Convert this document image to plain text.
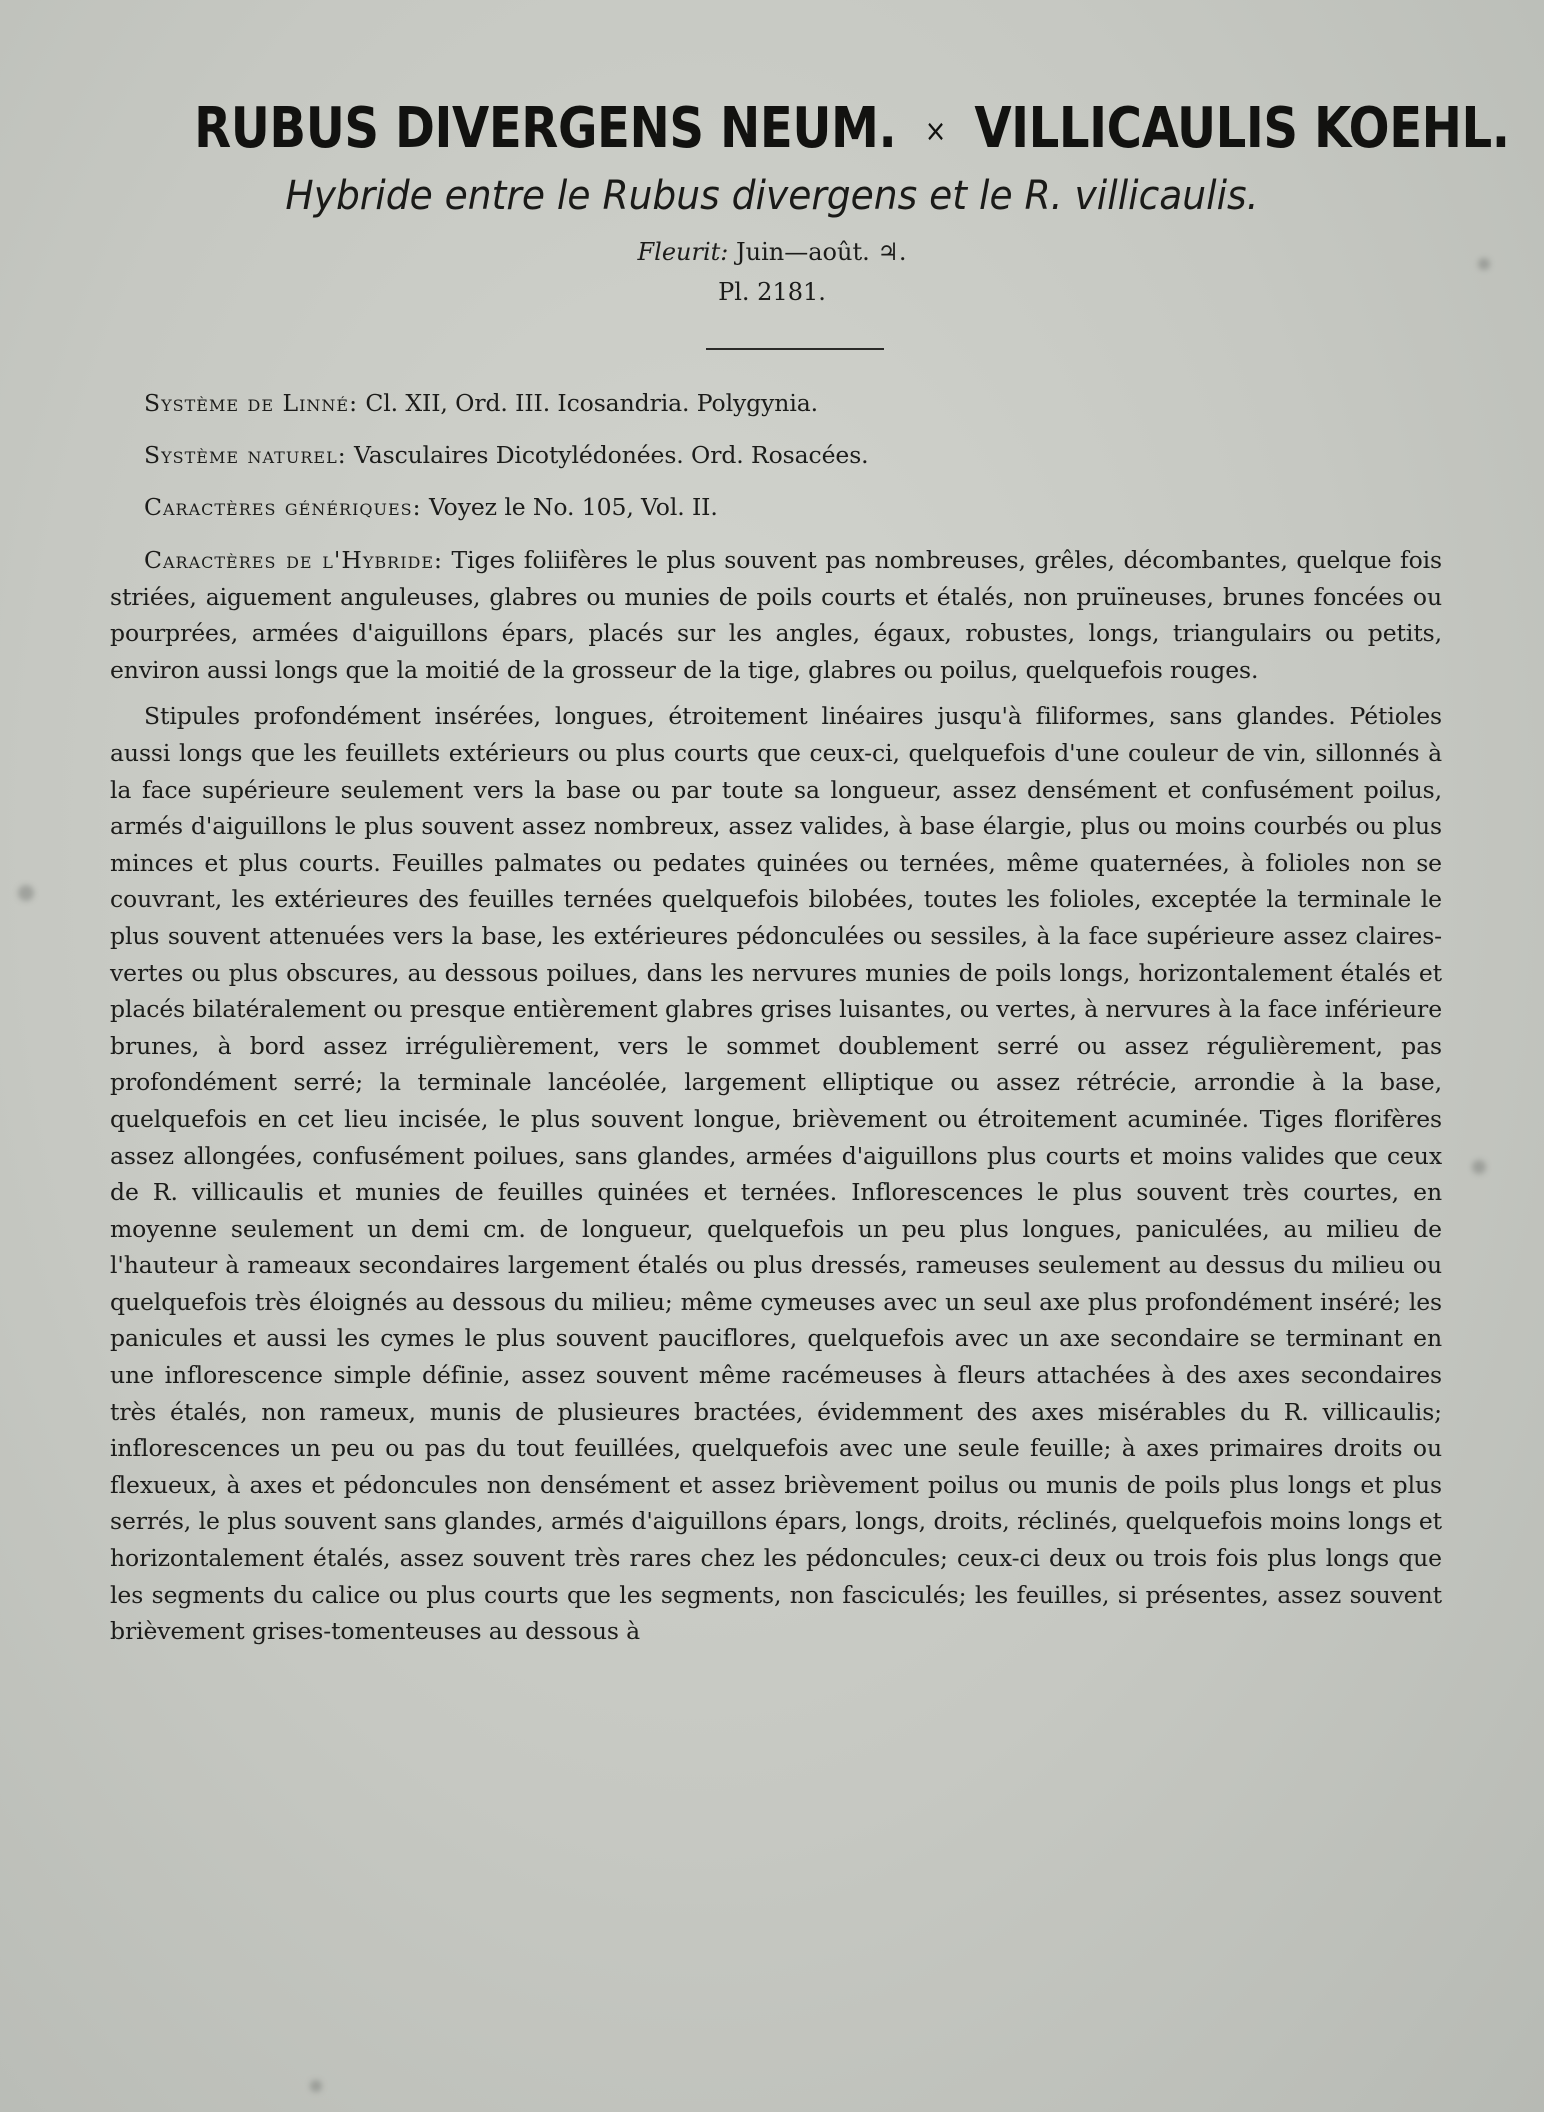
RUBUS DIVERGENS NEUM. × VILLICAULIS KOEHL.

Hybride entre le Rubus divergens et le R. villicaulis.

Fleurit: Juin—août. ♃.

Pl. 2181.

Système de Linné: Cl. XII, Ord. III. Icosandria. Polygynia.

Système naturel: Vasculaires Dicotylédonées. Ord. Rosacées.

Caractères génériques: Voyez le No. 105, Vol. II.

Caractères de l'Hybride: Tiges foliifères le plus souvent pas nombreuses, grêles, décombantes, quelque fois striées, aiguement anguleuses, glabres ou munies de poils courts et étalés, non pruïneuses, brunes foncées ou pourprées, armées d'aiguillons épars, placés sur les angles, égaux, robustes, longs, triangulairs ou petits, environ aussi longs que la moitié de la grosseur de la tige, glabres ou poilus, quelquefois rouges.

Stipules profondément insérées, longues, étroitement linéaires jusqu'à filiformes, sans glandes. Pétioles aussi longs que les feuillets extérieurs ou plus courts que ceux-ci, quelquefois d'une couleur de vin, sillonnés à la face supérieure seulement vers la base ou par toute sa longueur, assez densément et confusément poilus, armés d'aiguillons le plus souvent assez nombreux, assez valides, à base élargie, plus ou moins courbés ou plus minces et plus courts. Feuilles palmates ou pedates quinées ou ternées, même quaternées, à folioles non se couvrant, les extérieures des feuilles ternées quelquefois bilobées, toutes les folioles, exceptée la terminale le plus souvent attenuées vers la base, les extérieures pédonculées ou sessiles, à la face supérieure assez claires-vertes ou plus obscures, au dessous poilues, dans les nervures munies de poils longs, horizontalement étalés et placés bilatéralement ou presque entièrement glabres grises luisantes, ou vertes, à nervures à la face inférieure brunes, à bord assez irrégulièrement, vers le sommet doublement serré ou assez régulièrement, pas profondément serré; la terminale lancéolée, largement elliptique ou assez rétrécie, arrondie à la base, quelquefois en cet lieu incisée, le plus souvent longue, brièvement ou étroitement acuminée. Tiges florifères assez allongées, confusément poilues, sans glandes, armées d'aiguillons plus courts et moins valides que ceux de R. villicaulis et munies de feuilles quinées et ternées. Inflorescences le plus souvent très courtes, en moyenne seulement un demi cm. de longueur, quelquefois un peu plus longues, paniculées, au milieu de l'hauteur à rameaux secondaires largement étalés ou plus dressés, rameuses seulement au dessus du milieu ou quelquefois très éloignés au dessous du milieu; même cymeuses avec un seul axe plus profondément inséré; les panicules et aussi les cymes le plus souvent pauciflores, quelquefois avec un axe secondaire se terminant en une inflorescence simple définie, assez souvent même racémeuses à fleurs attachées à des axes secondaires très étalés, non rameux, munis de plusieures bractées, évidemment des axes misérables du R. villicaulis; inflorescences un peu ou pas du tout feuillées, quelquefois avec une seule feuille; à axes primaires droits ou flexueux, à axes et pédoncules non densément et assez brièvement poilus ou munis de poils plus longs et plus serrés, le plus souvent sans glandes, armés d'aiguillons épars, longs, droits, réclinés, quelquefois moins longs et horizontalement étalés, assez souvent très rares chez les pédoncules; ceux-ci deux ou trois fois plus longs que les segments du calice ou plus courts que les segments, non fasciculés; les feuilles, si présentes, assez souvent brièvement grises-tomenteuses au dessous à
